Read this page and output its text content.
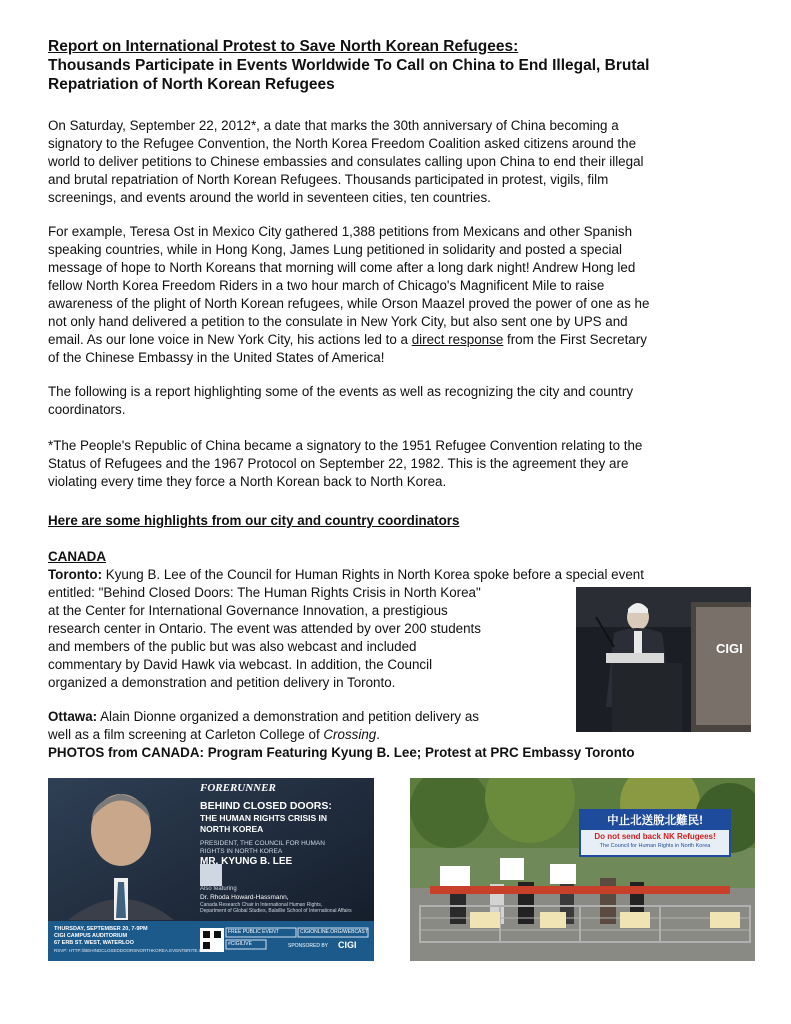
Report on International Protest to Save North Korean Refugees:
Thousands Participate in Events Worldwide To Call on China to End Illegal, Brutal
Repatriation of North Korean Refugees
On Saturday, September 22, 2012*, a date that marks the 30th anniversary of China becoming a
signatory to the Refugee Convention, the North Korea Freedom Coalition asked citizens around the
world to deliver petitions to Chinese embassies and consulates calling upon China to end their illegal
and brutal repatriation of North Korean Refugees. Thousands participated in protest, vigils, film
screenings, and events around the world in seventeen cities, ten countries.
For example, Teresa Ost in Mexico City gathered 1,388 petitions from Mexicans and other Spanish
speaking countries, while in Hong Kong, James Lung petitioned in solidarity and posted a special
message of hope to North Koreans that morning will come after a long dark night! Andrew Hong led
fellow North Korea Freedom Riders in a two hour march of Chicago's Magnificent Mile to raise
awareness of the plight of North Korean refugees, while Orson Maazel proved the power of one as he
not only hand delivered a petition to the consulate in New York City, but also sent one by UPS and
email. As our lone voice in New York City, his actions led to a direct response from the First Secretary
of the Chinese Embassy in the United States of America!
The following is a report highlighting some of the events as well as recognizing the city and country
coordinators.
*The People's Republic of China became a signatory to the 1951 Refugee Convention relating to the
Status of Refugees and the 1967 Protocol on September 22, 1982. This is the agreement they are
violating every time they force a North Korean back to North Korea.
Here are some highlights from our city and country coordinators
CANADA
Toronto: Kyung B. Lee of the Council for Human Rights in North Korea spoke before a special event
entitled: "Behind Closed Doors: The Human Rights Crisis in North Korea"
at the Center for International Governance Innovation, a prestigious
research center in Ontario. The event was attended by over 200 students
and members of the public but was also webcast and included
commentary by David Hawk via webcast. In addition, the Council
organized a demonstration and petition delivery in Toronto.
Ottawa: Alain Dionne organized a demonstration and petition delivery as
well as a film screening at Carleton College of Crossing.
PHOTOS from CANADA: Program Featuring Kyung B. Lee; Protest at PRC Embassy Toronto
CIGI
FORERUNNER
BEHIND CLOSED DOORS:
THE HUMAN RIGHTS CRISIS IN
NORTH KOREA
PRESIDENT, THE COUNCIL FOR HUMAN
RIGHTS IN NORTH KOREA
MR. KYUNG B. LEE
Also featuring
Dr. Rhoda Howard-Hassmann,
Canada Research Chair in International Human Rights,
Department of Global Studies, Balsillie School of International Affairs
THURSDAY, SEPTEMBER 20, 7-9PM
CIGI CAMPUS AUDITORIUM
67 ERB ST. WEST, WATERLOO
RSVP: HTTP://BEHINDCLOSEDDOORSNORTHKOREA.EVENTBRITE.COM
FREE PUBLIC EVENT	CIGIONLINE.ORG/WEBCAST
#CIGILIVE	SPONSORED BY CIGI
中止北送脫北難民!
Do not send back NK Refugees!
The Council for Human Rights in North Korea
